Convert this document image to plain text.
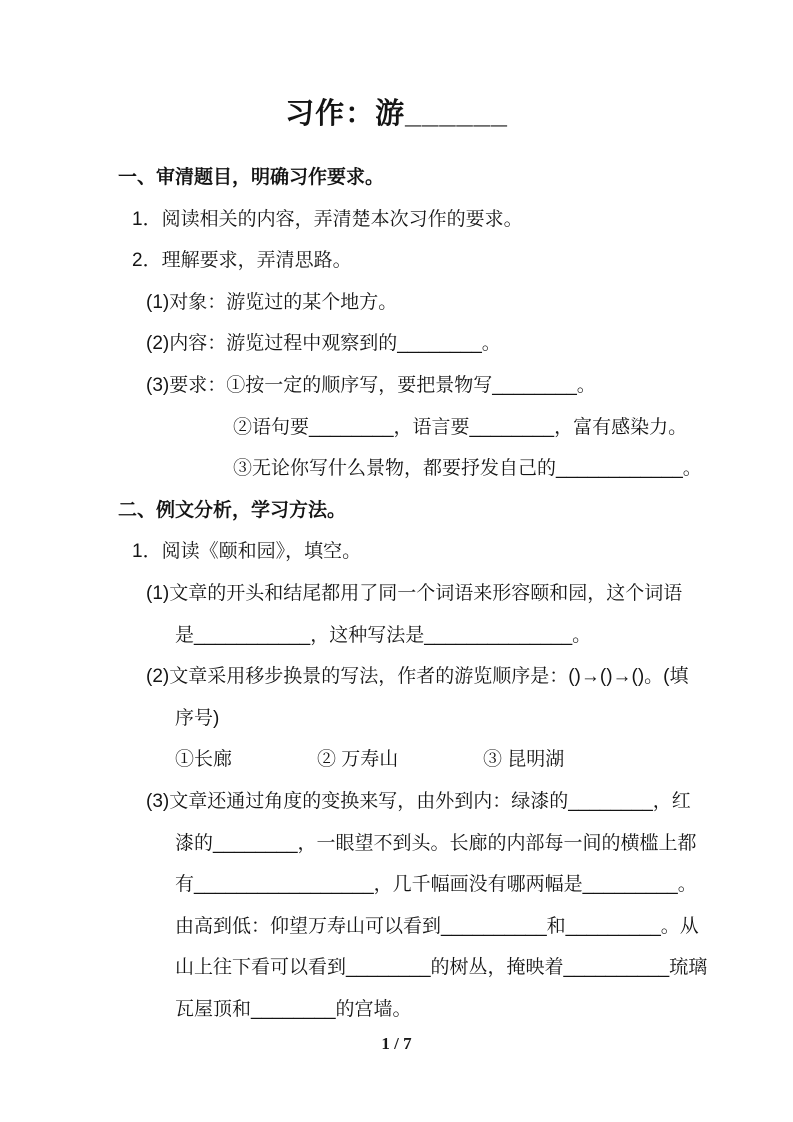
习作：游______

一、审清题目，明确习作要求。

1．阅读相关的内容，弄清楚本次习作的要求。

2．理解要求，弄清思路。

(1)对象：游览过的某个地方。

(2)内容：游览过程中观察到的________。

(3)要求：①按一定的顺序写，要把景物写________。

②语句要________，语言要________，富有感染力。

③无论你写什么景物，都要抒发自己的____________。

二、例文分析，学习方法。

1．阅读《颐和园》，填空。

(1)文章的开头和结尾都用了同一个词语来形容颐和园，这个词语

是___________，这种写法是______________。

(2)文章采用移步换景的写法，作者的游览顺序是：()→()→()。(填

序号)

①长廊	② 万寿山	③ 昆明湖

(3)文章还通过角度的变换来写，由外到内：绿漆的________，红

漆的________，一眼望不到头。长廊的内部每一间的横槛上都

有_________________，几千幅画没有哪两幅是_________。

由高到低：仰望万寿山可以看到__________和_________。从

山上往下看可以看到________的树丛，掩映着__________琉璃

瓦屋顶和________的宫墙。

1 / 7
